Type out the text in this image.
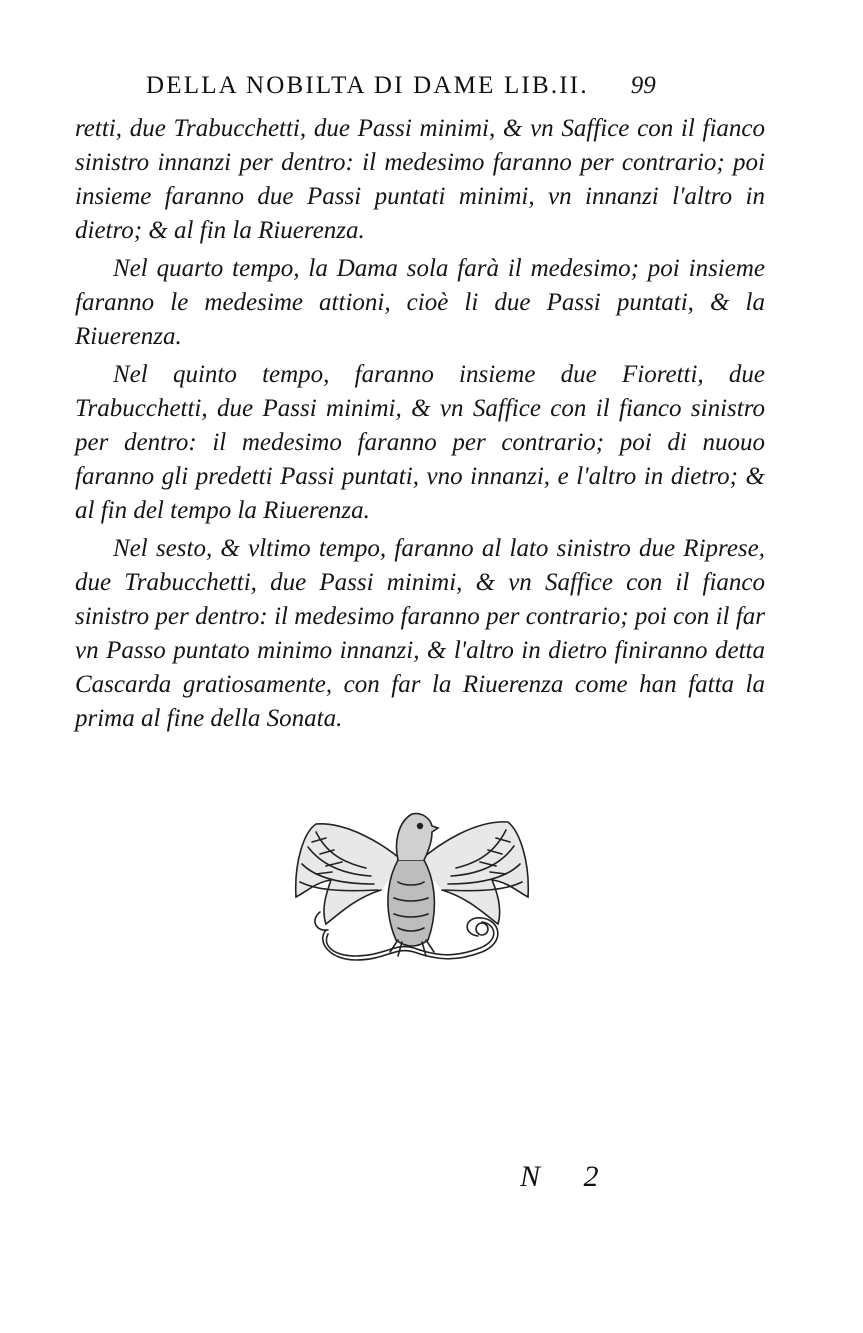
DELLA NOBILTA DI DAME LIB.II. 99

retti, due Trabucchetti, due Passi minimi, & vn Saffice con il fianco sinistro innanzi per dentro: il medesimo faranno per contrario; poi insieme faranno due Passi puntati minimi, vn innanzi l'altro in dietro; & al fin la Riuerenza.

Nel quarto tempo, la Dama sola farà il medesimo; poi insieme faranno le medesime attioni, cioè li due Passi puntati, & la Riuerenza.

Nel quinto tempo, faranno insieme due Fioretti, due Trabucchetti, due Passi minimi, & vn Saffice con il fianco sinistro per dentro: il medesimo faranno per contrario; poi di nuouo faranno gli predetti Passi puntati, vno innanzi, e l'altro in dietro; & al fin del tempo la Riuerenza.

Nel sesto, & vltimo tempo, faranno al lato sinistro due Riprese, due Trabucchetti, due Passi minimi, & vn Saffice con il fianco sinistro per dentro: il medesimo faranno per contrario; poi con il far vn Passo puntato minimo innanzi, & l'altro in dietro finiranno detta Cascarda gratiosamente, con far la Riuerenza come han fatta la prima al fine della Sonata.

N 2
